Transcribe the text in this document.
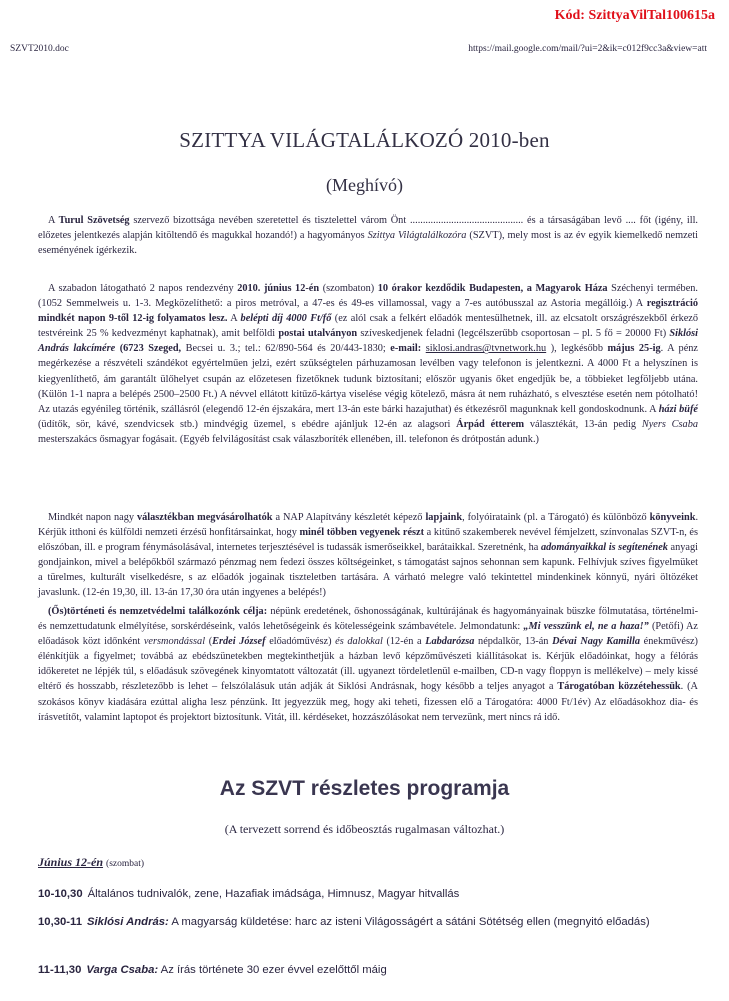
Kód: SzittyaVilTal100615a
SZVT2010.doc	https://mail.google.com/mail/?ui=2&ik=c012f9cc3a&view=att
SZITTYA VILÁGTALÁLKOZÓ 2010-ben
(Meghívó)

A Turul Szövetség szervező bizottsága nevében szeretettel és tisztelettel várom Önt ............................................ és a társaságában levő .... főt (igény, ill. előzetes jelentkezés alapján kitöltendő és magukkal hozandó!) a hagyományos Szittya Világtalálkozóra (SZVT), mely most is az év egyik kiemelkedő nemzeti eseményének ígérkezik.

A szabadon látogatható 2 napos rendezvény 2010. június 12-én (szombaton) 10 órakor kezdődik Budapesten, a Magyarok Háza Széchenyi termében. (1052 Semmelweis u. 1-3. Megközelíthető: a piros metróval, a 47-es és 49-es villamossal, vagy a 7-es autóbusszal az Astoria megállóig.) A regisztráció mindkét napon 9-től 12-ig folyamatos lesz. A belépti díj 4000 Ft/fő (ez alól csak a felkért előadók mentesülhetnek, ill. az elcsatolt országrészekből érkező testvéreink 25 % kedvezményt kaphatnak), amit belföldi postai utalványon szíveskedjenek feladni (legcélszerűbb csoportosan – pl. 5 fő = 20000 Ft) Siklósi András lakcímére (6723 Szeged, Becsei u. 3.; tel.: 62/890-564 és 20/443-1830; e-mail: siklosi.andras@tvnetwork.hu ), legkésőbb május 25-ig. A pénz megérkezése a részvételi szándékot egyértelműen jelzi, ezért szükségtelen párhuzamosan levélben vagy telefonon is jelentkezni. A 4000 Ft a helyszínen is kiegyenlíthető, ám garantált ülőhelyet csupán az előzetesen fizetőknek tudunk biztosítani; először ugyanis őket engedjük be, a többieket legföljebb utána. (Külön 1-1 napra a belépés 2500–2500 Ft.) A névvel ellátott kitűző-kártya viselése végig kötelező, másra át nem ruházható, s elvesztése esetén nem pótolható! Az utazás egyénileg történik, szállásról (elegendő 12-én éjszakára, mert 13-án este bárki hazajuthat) és étkezésről magunknak kell gondoskodnunk. A házi büfé (üdítők, sör, kávé, szendvicsek stb.) mindvégig üzemel, s ebédre ajánljuk 12-én az alagsori Árpád étterem választékát, 13-án pedig Nyers Csaba mesterszakács ősmagyar fogásait. (Egyéb felvilágosítást csak válaszboríték ellenében, ill. telefonon és drótpostán adunk.)

Mindkét napon nagy választékban megvásárolhatók a NAP Alapítvány készletét képező lapjaink, folyóirataink (pl. a Tárogató) és különböző könyveink. Kérjük itthoni és külföldi nemzeti érzésű honfitársainkat, hogy minél többen vegyenek részt a kitűnő szakemberek nevével fémjelzett, színvonalas SZVT-n, és előszóban, ill. e program fénymásolásával, internetes terjesztésével is tudassák ismerőseikkel, barátaikkal. Szeretnénk, ha adományaikkal is segítenének anyagi gondjainkon, mivel a belépőkből származó pénzmag nem fedezi összes költségeinket, s támogatást sajnos sehonnan sem kapunk. Felhívjuk szíves figyelmüket a türelmes, kulturált viselkedésre, s az előadók jogainak tiszteletben tartására. A várható melegre való tekintettel mindenkinek könnyű, nyári öltözéket javaslunk. (12-én 19,30, ill. 13-án 17,30 óra után ingyenes a belépés!)

(Ős)történeti és nemzetvédelmi találkozónk célja: népünk eredetének, őshonosságának, kultúrájának és hagyományainak büszke fölmutatása, történelmi- és nemzettudatunk elmélyítése, sorskérdéseink, valós lehetőségeink és kötelességeink számbavétele. Jelmondatunk: „Mi vesszünk el, ne a haza!” (Petőfi) Az előadások közt időnként versmondással (Erdei József előadóművész) és dalokkal (12-én a Labdarózsa népdalkör, 13-án Dévai Nagy Kamilla énekművész) élénkítjük a figyelmet; továbbá az ebédszünetekben megtekinthetjük a házban levő képzőművészeti kiállításokat is. Kérjük előadóinkat, hogy a félórás időkeretet ne lépjék túl, s előadásuk szövegének kinyomtatott változatát (ill. ugyanezt tördeletlenül e-mailben, CD-n vagy floppyn is mellékelve) – mely kissé eltérő és hosszabb, részletezőbb is lehet – felszólalásuk után adják át Siklósi Andrásnak, hogy később a teljes anyagot a Tárogatóban közzétehessük. (A szokásos könyv kiadására ezúttal aligha lesz pénzünk. Itt jegyezzük meg, hogy aki teheti, fizessen elő a Tárogatóra: 4000 Ft/1év) Az előadásokhoz dia- és írásvetítőt, valamint laptopot és projektort biztosítunk. Vitát, ill. kérdéseket, hozzászólásokat nem tervezünk, mert nincs rá idő.

Az SZVT részletes programja
(A tervezett sorrend és időbeosztás rugalmasan változhat.)
Június 12-én (szombat)
10-10,30 Általános tudnivalók, zene, Hazafiak imádsága, Himnusz, Magyar hitvallás
10,30-11 Siklósi András: A magyarság küldetése: harc az isteni Világosságért a sátáni Sötétség ellen (megnyitó előadás)
11-11,30 Varga Csaba: Az írás története 30 ezer évvel ezelőttől máig
